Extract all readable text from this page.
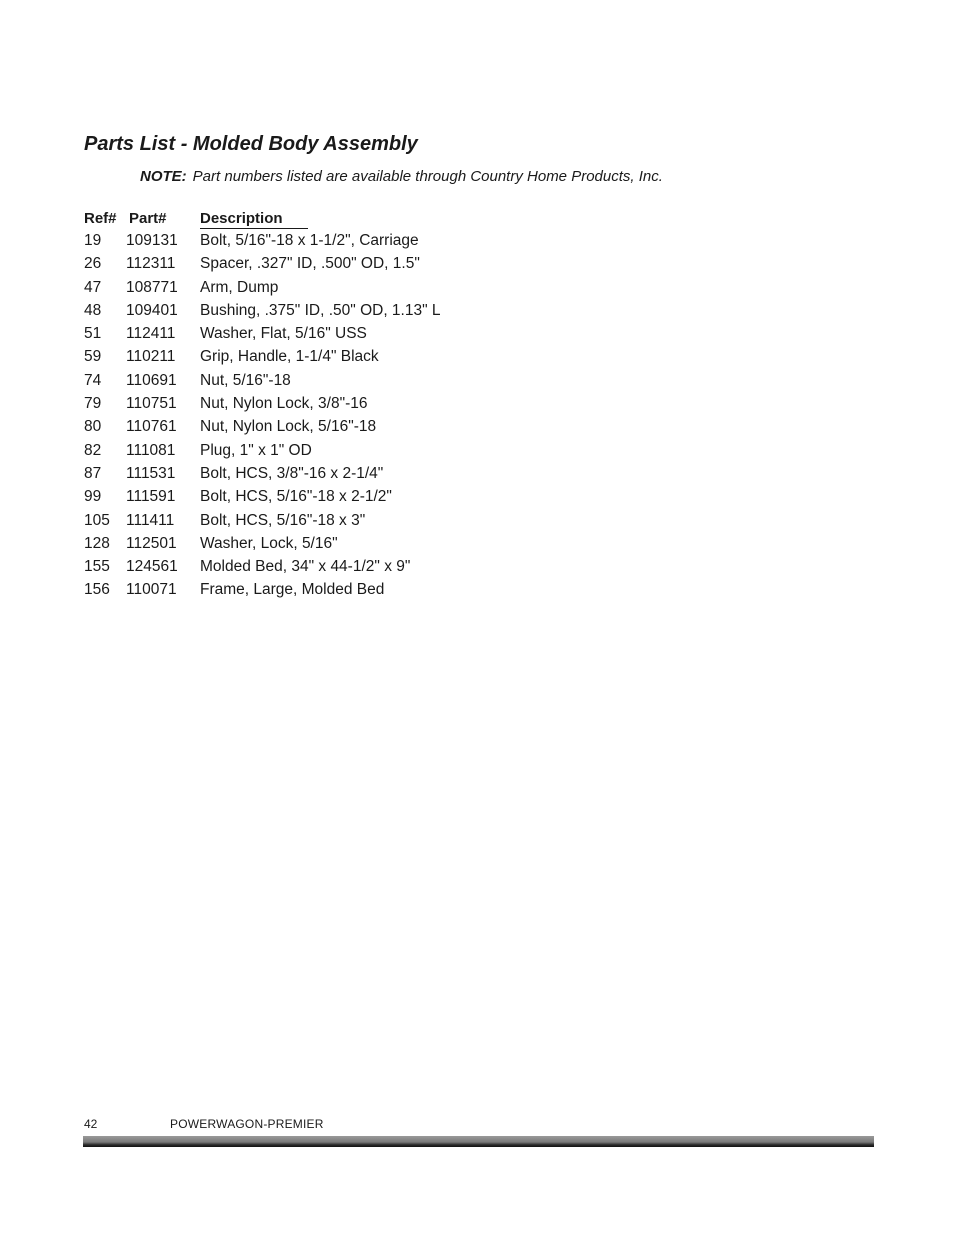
Parts List - Molded Body Assembly
NOTE: Part numbers listed are available through Country Home Products, Inc.
Ref# Part# Description
19 109131 Bolt, 5/16"-18 x 1-1/2", Carriage
26 112311 Spacer, .327" ID, .500" OD, 1.5"
47 108771 Arm, Dump
48 109401 Bushing, .375" ID, .50" OD, 1.13" L
51 112411 Washer, Flat, 5/16" USS
59 110211 Grip, Handle, 1-1/4" Black
74 110691 Nut, 5/16"-18
79 110751 Nut, Nylon Lock, 3/8"-16
80 110761 Nut, Nylon Lock, 5/16"-18
82 111081 Plug, 1" x 1" OD
87 111531 Bolt, HCS, 3/8"-16 x 2-1/4"
99 111591 Bolt, HCS, 5/16"-18 x 2-1/2"
105 111411 Bolt, HCS, 5/16"-18 x 3"
128 112501 Washer, Lock, 5/16"
155 124561 Molded Bed, 34" x 44-1/2" x 9"
156 110071 Frame, Large, Molded Bed
42	POWERWAGON-PREMIER
